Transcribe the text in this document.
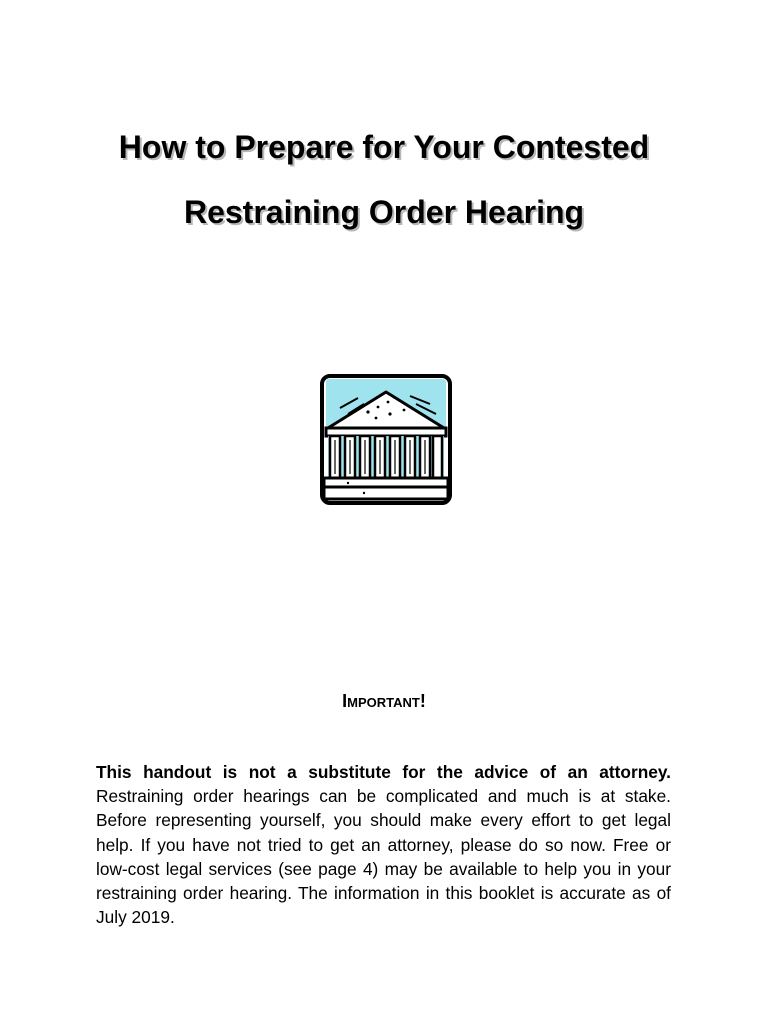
How to Prepare for Your Contested
Restraining Order Hearing

Important!

This handout is not a substitute for the advice of an attorney. Restraining order hearings can be complicated and much is at stake. Before representing yourself, you should make every effort to get legal help. If you have not tried to get an attorney, please do so now. Free or low-cost legal services (see page 4) may be available to help you in your restraining order hearing. The information in this booklet is accurate as of July 2019.
